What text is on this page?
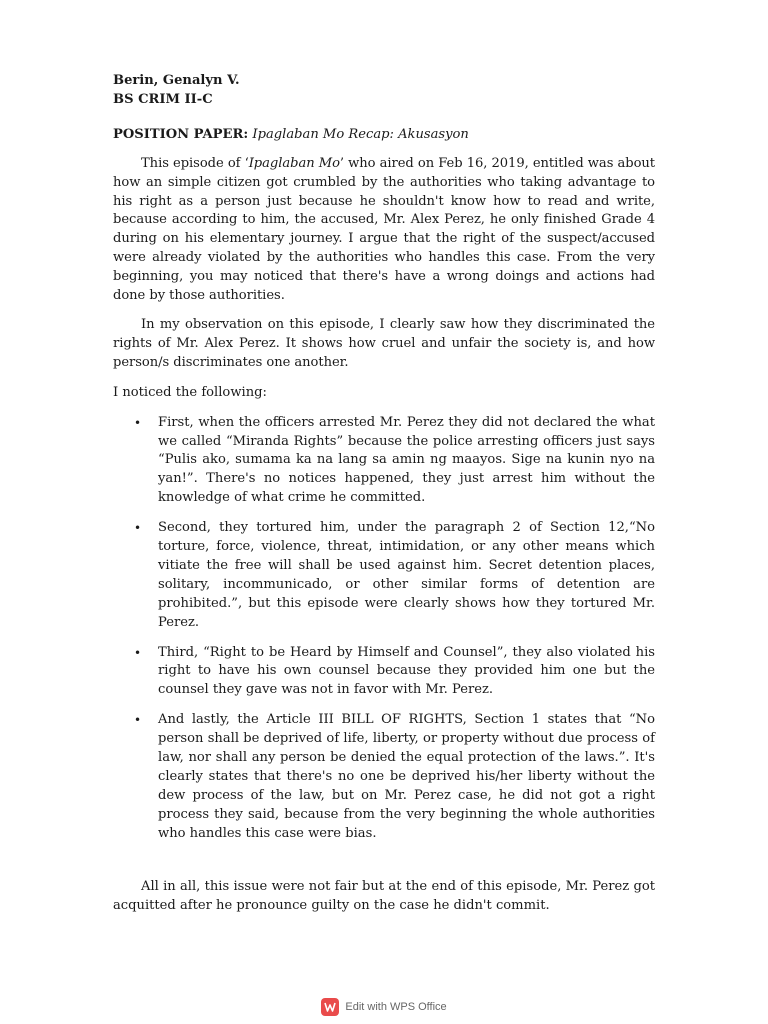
Berin, Genalyn V.
BS CRIM II-C
POSITION PAPER: Ipaglaban Mo Recap: Akusasyon

This episode of ‘Ipaglaban Mo’ who aired on Feb 16, 2019, entitled was about how an simple citizen got crumbled by the authorities who taking advantage to his right as a person just because he shouldn't know how to read and write, because according to him, the accused, Mr. Alex Perez, he only finished Grade 4 during on his elementary journey. I argue that the right of the suspect/accused were already violated by the authorities who handles this case. From the very beginning, you may noticed that there's have a wrong doings and actions had done by those authorities.

In my observation on this episode, I clearly saw how they discriminated the rights of Mr. Alex Perez. It shows how cruel and unfair the society is, and how person/s discriminates one another.

I noticed the following:
• First, when the officers arrested Mr. Perez they did not declared the what we called “Miranda Rights” because the police arresting officers just says “Pulis ako, sumama ka na lang sa amin ng maayos. Sige na kunin nyo na yan!”. There's no notices happened, they just arrest him without the knowledge of what crime he committed.
• Second, they tortured him, under the paragraph 2 of Section 12,“No torture, force, violence, threat, intimidation, or any other means which vitiate the free will shall be used against him. Secret detention places, solitary, incommunicado, or other similar forms of detention are prohibited.”, but this episode were clearly shows how they tortured Mr. Perez.
• Third, “Right to be Heard by Himself and Counsel”, they also violated his right to have his own counsel because they provided him one but the counsel they gave was not in favor with Mr. Perez.
• And lastly, the Article III BILL OF RIGHTS, Section 1 states that “No person shall be deprived of life, liberty, or property without due process of law, nor shall any person be denied the equal protection of the laws.”. It's clearly states that there's no one be deprived his/her liberty without the dew process of the law, but on Mr. Perez case, he did not got a right process they said, because from the very beginning the whole authorities who handles this case were bias.

All in all, this issue were not fair but at the end of this episode, Mr. Perez got acquitted after he pronounce guilty on the case he didn't commit.

Edit with WPS Office
